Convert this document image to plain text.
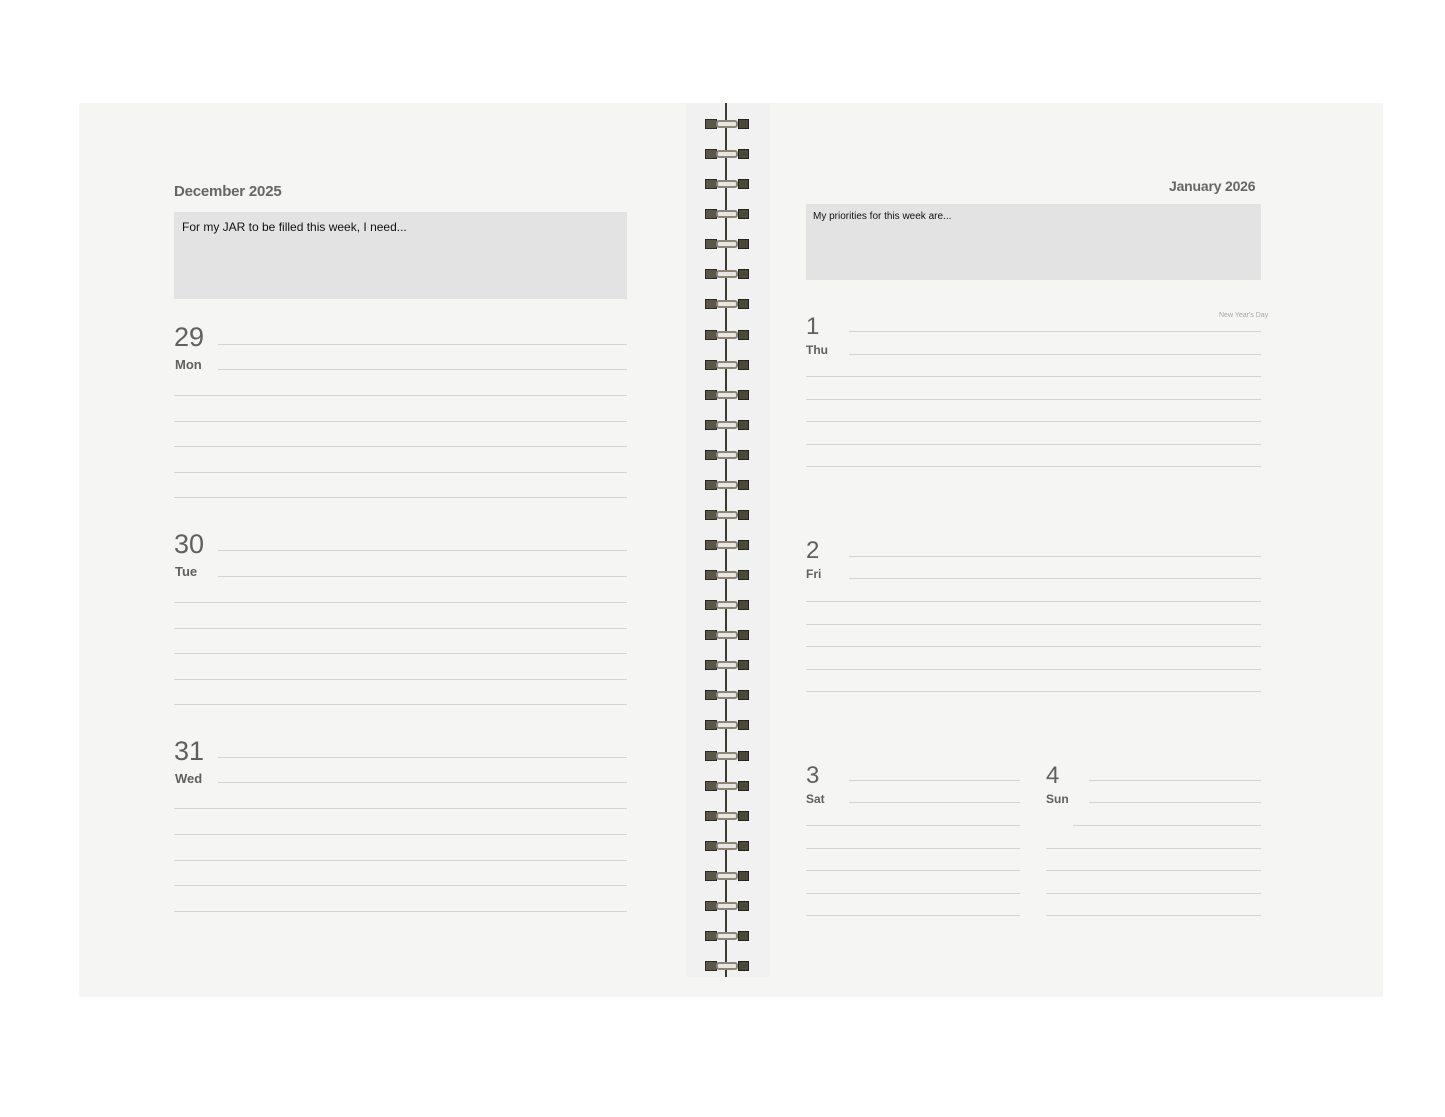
December 2025
For my JAR to be filled this week, I need...
29
Mon
30
Tue
31
Wed
January 2026
My priorities for this week are...
New Year's Day
1
Thu
2
Fri
3
Sat
4
Sun
